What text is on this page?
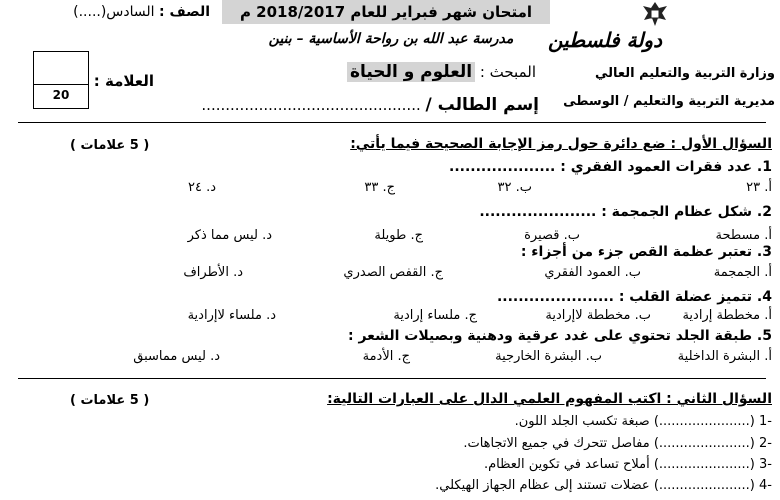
دولة فلسطين
وزارة التربية والتعليم العالي
مديرية التربية والتعليم / الوسطى
امتحان شهر فبراير للعام 2018/2017 م
مدرسة عبد الله بن رواحة الأساسية – بنين
الصف : السادس(.....)
المبحث : العلوم و الحياة
إسم الطالب / ..............................................
العلامة :
20
السؤال الأول : ضع دائرة حول رمز الإجابة الصحيحة فيما يأتي:
( 5 علامات )
1. عدد فقرات العمود الفقري : ....................
أ. ٢٣
ب. ٣٢
ج. ٣٣
د. ٢٤
2. شكل عظام الجمجمة : ......................
أ. مسطحة
ب. قصيرة
ج. طويلة
د. ليس مما ذكر
3. تعتبر عظمة القص جزء من أجزاء :
أ. الجمجمة
ب. العمود الفقري
ج. القفص الصدري
د. الأطراف
4. تتميز عضلة القلب : ......................
أ. مخططة إرادية
ب. مخططة لاإرادية
ج. ملساء إرادية
د. ملساء لاإرادية
5. طبقة الجلد تحتوي على غدد عرقية ودهنية وبصيلات الشعر :
أ. البشرة الداخلية
ب. البشرة الخارجية
ج. الأدمة
د. ليس مماسبق
السؤال الثاني : اكتب المفهوم العلمي الدال على العبارات التالية:
( 5 علامات )
-1 (......................) صبغة تكسب الجلد اللون.
-2 (......................) مفاصل تتحرك في جميع الاتجاهات.
-3 (......................) أملاح تساعد في تكوين العظام.
-4 (......................) عضلات تستند إلى عظام الجهاز الهيكلي.
